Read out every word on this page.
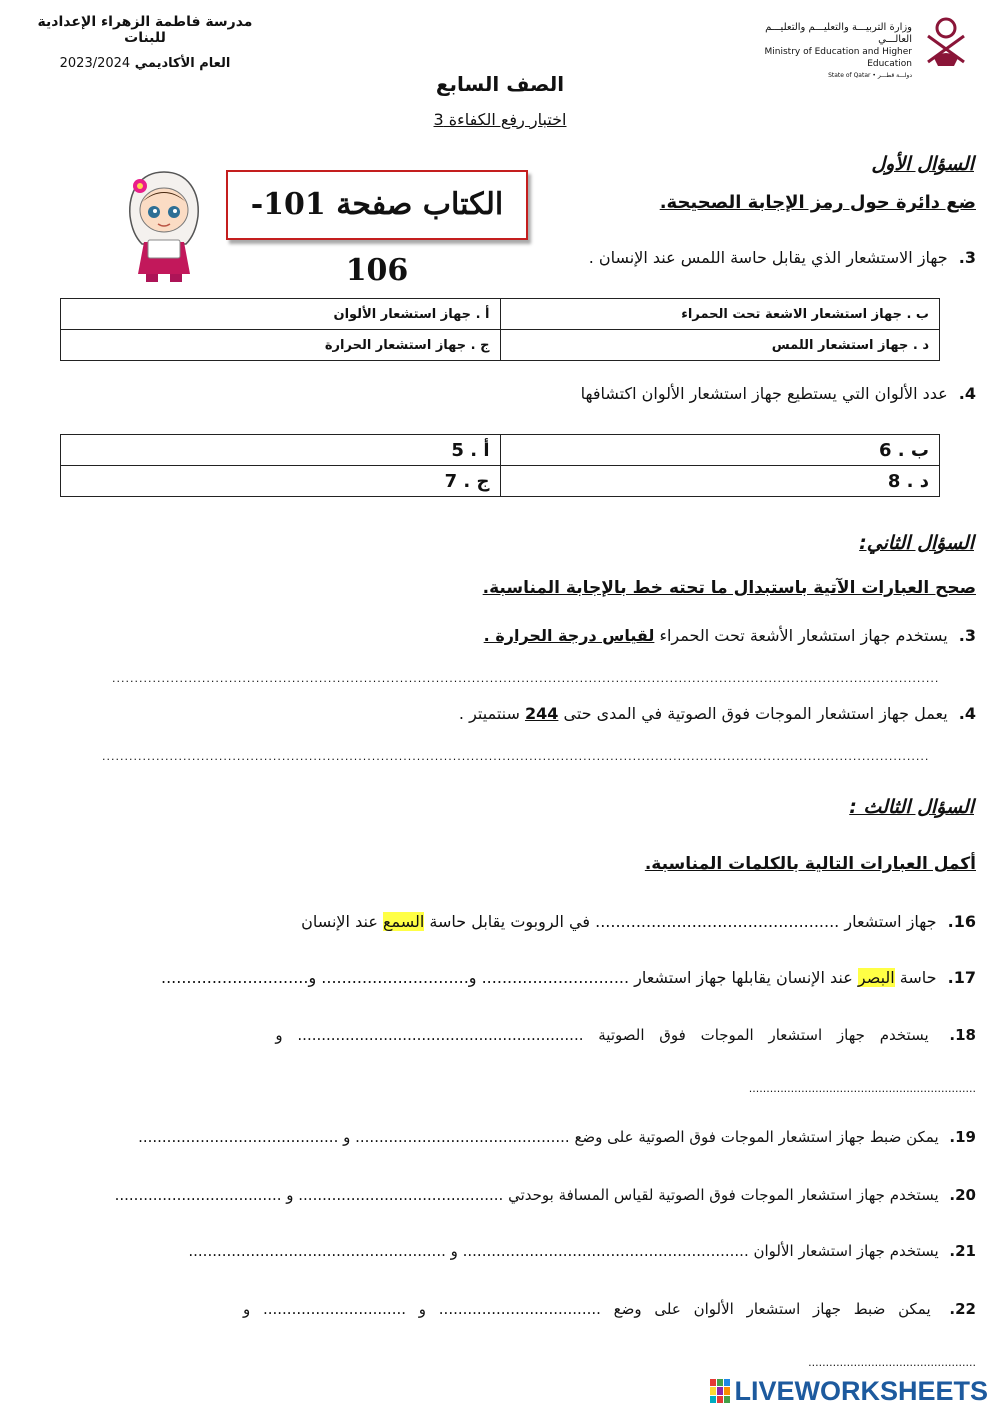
مدرسة فاطمة الزهراء الإعدادية للبنات
العام الأكاديمي 2023/2024
وزارة التربيـــة والتعليـــم والتعليـــم العالـــي
Ministry of Education and Higher Education
State of Qatar • دولـــة قطـــر
الصف السابع
اختبار رفع الكفاءة 3
الكتاب صفحة 101-106
السؤال الأول
ضع دائرة حول رمز الإجابة الصحيحة.
3. جهاز الاستشعار الذي يقابل حاسة اللمس عند الإنسان .
أ . جهاز استشعار الألوان	ب . جهاز استشعار الاشعة تحت الحمراء
ج . جهاز استشعار الحرارة	د . جهاز استشعار اللمس
4. عدد الألوان التي يستطيع جهاز استشعار الألوان اكتشافها
أ . 5	ب . 6
ج . 7	د . 8
السؤال الثاني:
صحح العبارات الآتية باستبدال ما تحته خط بالإجابة المناسبة.
3. يستخدم جهاز استشعار الأشعة تحت الحمراء لقياس درجة الحرارة .
........................................................................................................................................................................................
4. يعمل جهاز استشعار الموجات فوق الصوتية في المدى حتى 244 سنتميتر .
........................................................................................................................................................................................
السؤال الثالث :
أكمل العبارات التالية بالكلمات المناسبة.
16. جهاز استشعار ................................................ في الروبوت يقابل حاسة السمع عند الإنسان
17. حاسة البصر عند الإنسان يقابلها جهاز استشعار ............................. و............................. و.............................
18. يستخدم جهاز استشعار الموجات فوق الصوتية ............................................................ و
.................................................................
19. يمكن ضبط جهاز استشعار الموجات فوق الصوتية على وضع ............................................. و ..........................................
20. يستخدم جهاز استشعار الموجات فوق الصوتية لقياس المسافة بوحدتي ........................................... و ...................................
21. يستخدم جهاز استشعار الألوان ............................................................ و ......................................................
22. يمكن ضبط جهاز استشعار الألوان على وضع .................................. و .............................. و
................................................
LIVEWORKSHEETS
